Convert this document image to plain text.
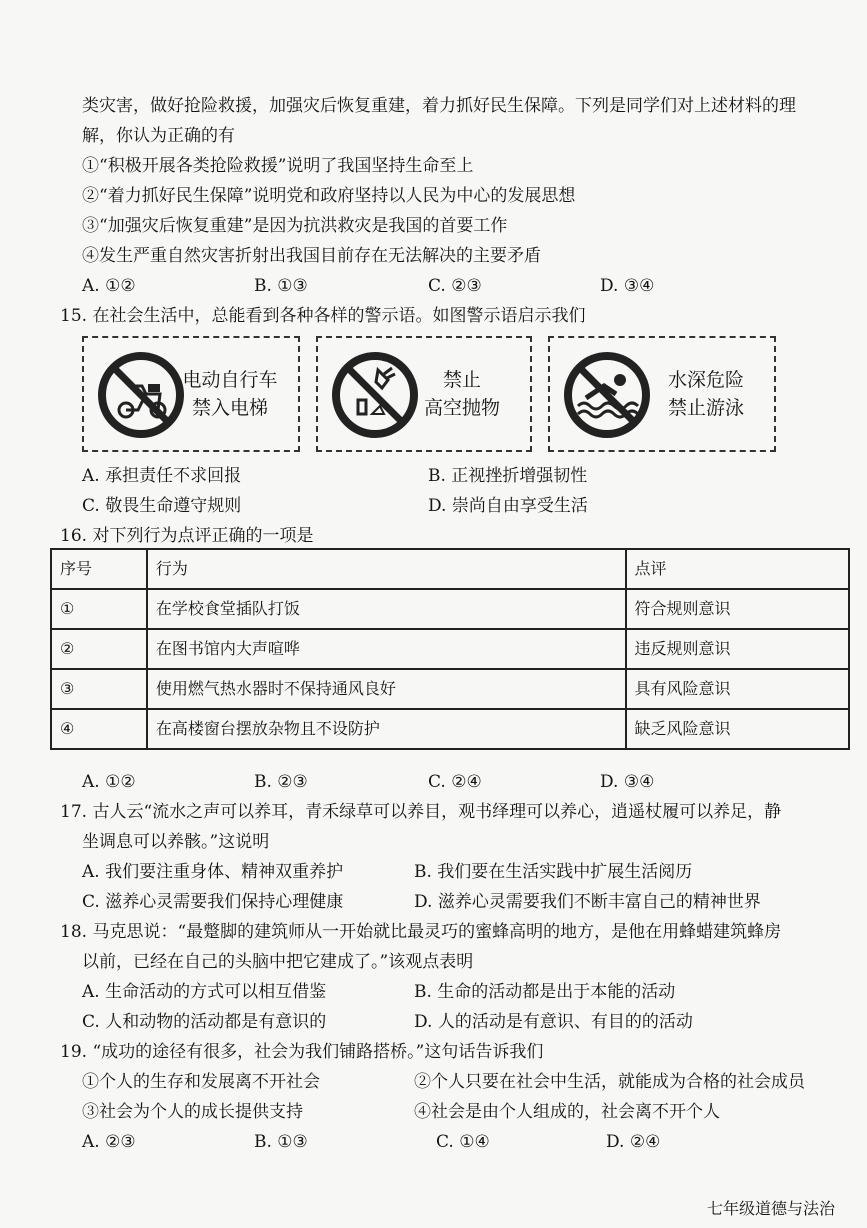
类灾害，做好抢险救援，加强灾后恢复重建，着力抓好民生保障。下列是同学们对上述材料的理
解，你认为正确的有
①“积极开展各类抢险救援”说明了我国坚持生命至上
②“着力抓好民生保障”说明党和政府坚持以人民为中心的发展思想
③“加强灾后恢复重建”是因为抗洪救灾是我国的首要工作
④发生严重自然灾害折射出我国目前存在无法解决的主要矛盾
A. ①②	B. ①③	C. ②③	D. ③④
15. 在社会生活中，总能看到各种各样的警示语。如图警示语启示我们
电动自行车
禁入电梯
禁止
高空抛物
水深危险
禁止游泳
A. 承担责任不求回报	B. 正视挫折增强韧性
C. 敬畏生命遵守规则	D. 崇尚自由享受生活
16. 对下列行为点评正确的一项是
序号	行为	点评
①	在学校食堂插队打饭	符合规则意识
②	在图书馆内大声喧哗	违反规则意识
③	使用燃气热水器时不保持通风良好	具有风险意识
④	在高楼窗台摆放杂物且不设防护	缺乏风险意识
A. ①②	B. ②③	C. ②④	D. ③④
17. 古人云“流水之声可以养耳，青禾绿草可以养目，观书绎理可以养心，逍遥杖履可以养足，静
坐调息可以养骸。”这说明
A. 我们要注重身体、精神双重养护	B. 我们要在生活实践中扩展生活阅历
C. 滋养心灵需要我们保持心理健康	D. 滋养心灵需要我们不断丰富自己的精神世界
18. 马克思说：“最蹩脚的建筑师从一开始就比最灵巧的蜜蜂高明的地方，是他在用蜂蜡建筑蜂房
以前，已经在自己的头脑中把它建成了。”该观点表明
A. 生命活动的方式可以相互借鉴	B. 生命的活动都是出于本能的活动
C. 人和动物的活动都是有意识的	D. 人的活动是有意识、有目的的活动
19. “成功的途径有很多，社会为我们铺路搭桥。”这句话告诉我们
①个人的生存和发展离不开社会	②个人只要在社会中生活，就能成为合格的社会成员
③社会为个人的成长提供支持	④社会是由个人组成的，社会离不开个人
A. ②③	B. ①③	C. ①④	D. ②④
七年级道德与法治
